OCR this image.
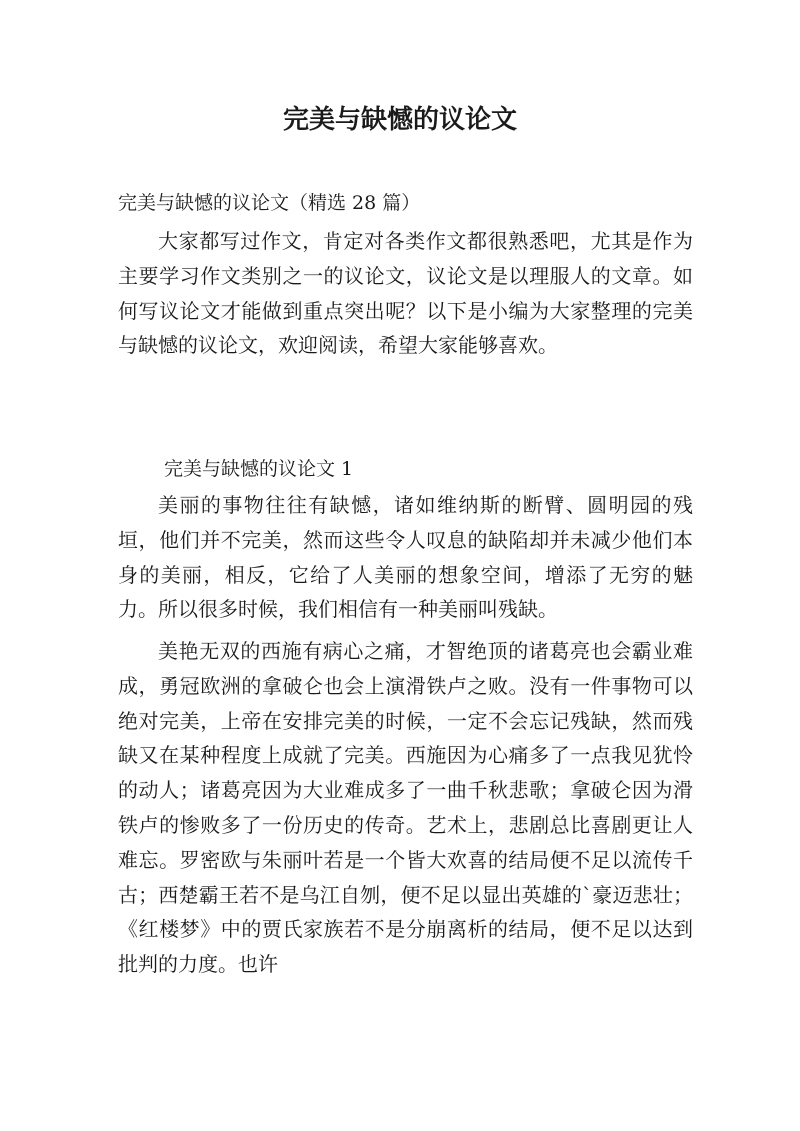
完美与缺憾的议论文

完美与缺憾的议论文（精选 28 篇）

大家都写过作文，肯定对各类作文都很熟悉吧，尤其是作为主要学习作文类别之一的议论文，议论文是以理服人的文章。如何写议论文才能做到重点突出呢？以下是小编为大家整理的完美与缺憾的议论文，欢迎阅读，希望大家能够喜欢。

完美与缺憾的议论文 1

美丽的事物往往有缺憾，诸如维纳斯的断臂、圆明园的残垣，他们并不完美，然而这些令人叹息的缺陷却并未减少他们本身的美丽，相反，它给了人美丽的想象空间，增添了无穷的魅力。所以很多时候，我们相信有一种美丽叫残缺。

美艳无双的西施有病心之痛，才智绝顶的诸葛亮也会霸业难成，勇冠欧洲的拿破仑也会上演滑铁卢之败。没有一件事物可以绝对完美，上帝在安排完美的时候，一定不会忘记残缺，然而残缺又在某种程度上成就了完美。西施因为心痛多了一点我见犹怜的动人；诸葛亮因为大业难成多了一曲千秋悲歌；拿破仑因为滑铁卢的惨败多了一份历史的传奇。艺术上，悲剧总比喜剧更让人难忘。罗密欧与朱丽叶若是一个皆大欢喜的结局便不足以流传千古；西楚霸王若不是乌江自刎，便不足以显出英雄的`豪迈悲壮；《红楼梦》中的贾氏家族若不是分崩离析的结局，便不足以达到批判的力度。也许
